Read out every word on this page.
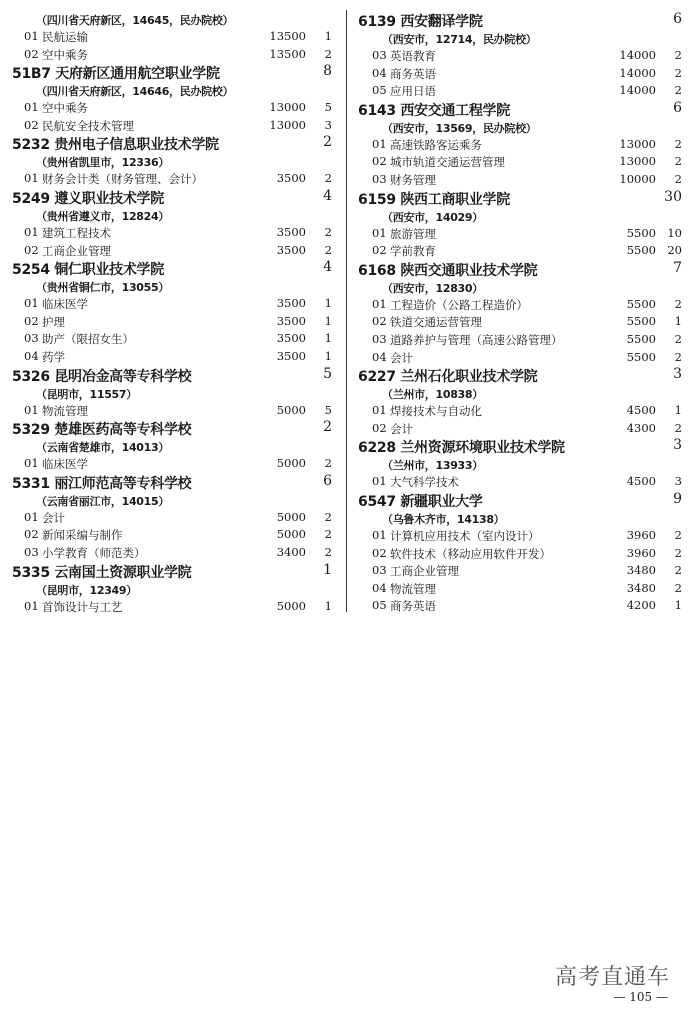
（四川省天府新区，14645，民办院校）
01 民航运输	13500 1
02 空中乘务	13500 2
51B7 天府新区通用航空职业学院	8
（四川省天府新区，14646，民办院校）
01 空中乘务	13000 5
02 民航安全技术管理	13000 3
5232 贵州电子信息职业技术学院	2
（贵州省凯里市，12336）
01 财务会计类（财务管理、会计）	3500 2
5249 遵义职业技术学院	4
（贵州省遵义市，12824）
01 建筑工程技术	3500 2
02 工商企业管理	3500 2
5254 铜仁职业技术学院	4
（贵州省铜仁市，13055）
01 临床医学	3500 1
02 护理	3500 1
03 助产（限招女生）	3500 1
04 药学	3500 1
5326 昆明冶金高等专科学校	5
（昆明市，11557）
01 物流管理	5000 5
5329 楚雄医药高等专科学校	2
（云南省楚雄市，14013）
01 临床医学	5000 2
5331 丽江师范高等专科学校	6
（云南省丽江市，14015）
01 会计	5000 2
02 新闻采编与制作	5000 2
03 小学教育（师范类）	3400 2
5335 云南国土资源职业学院	1
（昆明市，12349）
01 首饰设计与工艺	5000 1
6139 西安翻译学院	6
（西安市，12714，民办院校）
03 英语教育	14000 2
04 商务英语	14000 2
05 应用日语	14000 2
6143 西安交通工程学院	6
（西安市，13569，民办院校）
01 高速铁路客运乘务	13000 2
02 城市轨道交通运营管理	13000 2
03 财务管理	10000 2
6159 陕西工商职业学院	30
（西安市，14029）
01 旅游管理	5500 10
02 学前教育	5500 20
6168 陕西交通职业技术学院	7
（西安市，12830）
01 工程造价（公路工程造价）	5500 2
02 铁道交通运营管理	5500 1
03 道路养护与管理（高速公路管理）	5500 2
04 会计	5500 2
6227 兰州石化职业技术学院	3
（兰州市，10838）
01 焊接技术与自动化	4500 1
02 会计	4300 2
6228 兰州资源环境职业技术学院	3
（兰州市，13933）
01 大气科学技术	4500 3
6547 新疆职业大学	9
（乌鲁木齐市，14138）
01 计算机应用技术（室内设计）	3960 2
02 软件技术（移动应用软件开发）	3960 2
03 工商企业管理	3480 2
04 物流管理	3480 2
05 商务英语	4200 1
高考直通车
— 105 —
